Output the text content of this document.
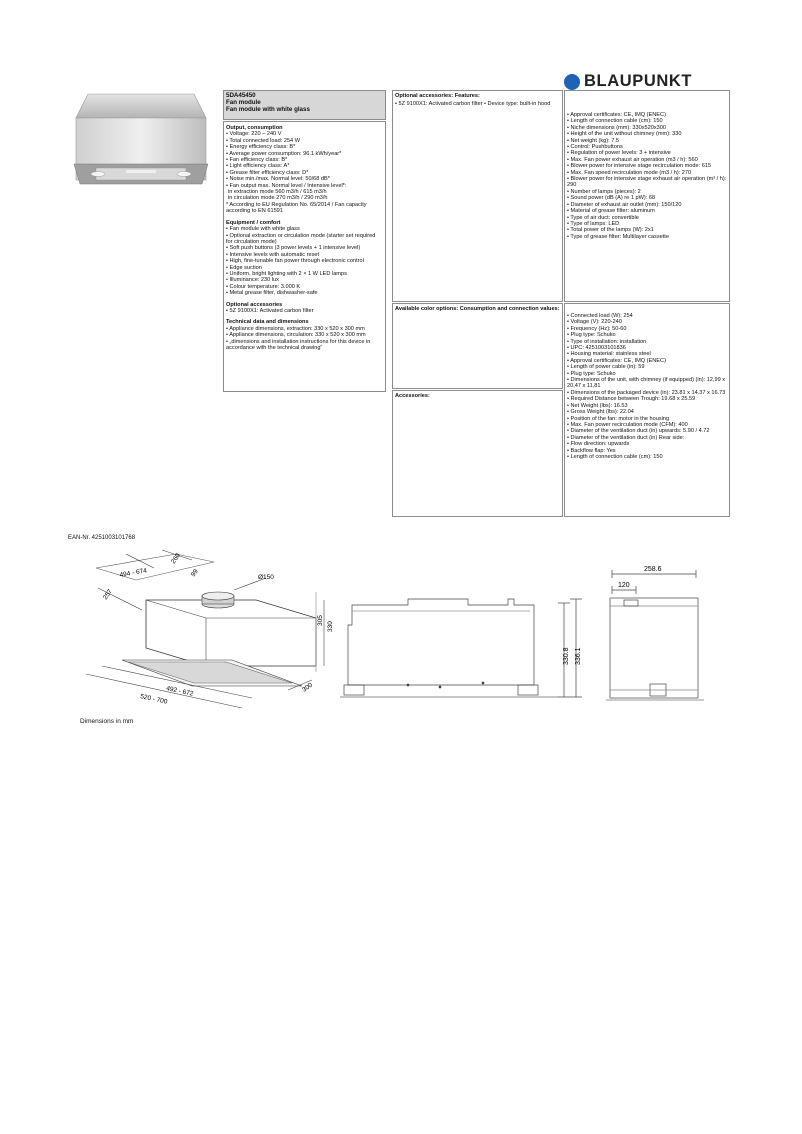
5DA45450
Fan module
Fan module with white glass
Output, consumption
• Voltage: 220 – 240 V
• Total connected load: 254 W
• Energy efficiency class: B*
• Average power consumption: 96.1 kWh/year*
• Fan efficiency class: B*
• Light efficiency class: A*
• Grease filter efficiency class: D*
• Noise min./max. Normal level: 50/68 dB*
• Fan output max. Normal level / Intensive level*:
in extraction mode 560 m3/h / 615 m3/h
in circulation mode 270 m3/h / 290 m3/h
* According to EU Regulation No. 65/2014 / Fan capacity according to EN 61591
Equipment / comfort
• Fan module with white glass
• Optional extraction or circulation mode (starter set required for circulation mode)
• Soft push buttons (3 power levels + 1 intensive level)
• Intensive levels with automatic reset
• High, fine-tunable fan power through electronic control
• Edge suction
• Uniform, bright lighting with 2 × 1 W LED lamps
• Illuminance: 230 lux
• Colour temperature: 3.000 K
• Metal grease filter, dishwasher-safe
Optional accessories
• 5Z 9100X1: Activated carbon filter
Technical data and dimensions
• Appliance dimensions, extraction: 330 x 520 x 300 mm
• Appliance dimensions, circulation: 330 x 520 x 300 mm
• „dimensions and installation instructions for this device in accordance with the technical drawing“
Optional accessories: Features:
• 5Z 9100X1: Activated carbon filter • Device type: built-in hood
Available color options: Consumption and connection values:
Accessories:
BLAUPUNKT
• Approval certificates: CE, IMQ (ENEC)
• Length of connection cable (cm): 150
• Niche dimensions (mm): 330x520x300
• Height of the unit without chimney (mm): 330
• Net weight (kg): 7.5
• Control: Pushbuttons
• Regulation of power levels: 3 + intensive
• Max. Fan power exhaust air operation (m3 / h): 560
• Blower power for intensive stage recirculation mode: 615
• Max. Fan speed recirculation mode (m3 / h): 270
• Blower power for intensive stage exhaust air operation (m³ / h): 290
• Number of lamps (pieces): 2
• Sound power (dB (A) re 1 pW): 68
• Diameter of exhaust air outlet (mm): 150/120
• Material of grease filter: aluminum
• Type of air duct: convertible
• Type of lamps: LED
• Total power of the lamps (W): 2x1
• Type of grease filter: Multilayer cassette
• Connected load (W): 254
• Voltage (V): 220-240
• Frequency (Hz): 50-60
• Plug type: Schuko
• Type of installation: installation
• UPC: 4251003101836
• Housing material: stainless steel
• Approval certificates: CE, IMQ (ENEC)
• Length of power cable (in): 59
• Plug type: Schuko
• Dimensions of the unit, with chimney (if equipped) (in): 12,99 x 20,47 x 11,81
• Dimensions of the packaged device (in): 23.81 x 14.37 x 16.73
• Required Distance between Trough: 19.68 x 25.59
• Net Weight (lbs): 16.53
• Gross Weight (lbs): 22.04
• Position of the fan: motor in the housing
• Max. Fan power recirculation mode (CFM): 400
• Diameter of the ventilation duct (in) upwards: 5.90 / 4.72
• Diameter of the ventilation duct (in) Rear side:
• Flow direction: upwards
• Backflow flap: Yes
• Length of connection cable (cm): 150
EAN-Nr. 4251003101768
494 - 674
260
99	Ø150
257
305
330
492 - 672
520 - 700
300
330.8 336.1
258.6
120
Dimensions in mm
